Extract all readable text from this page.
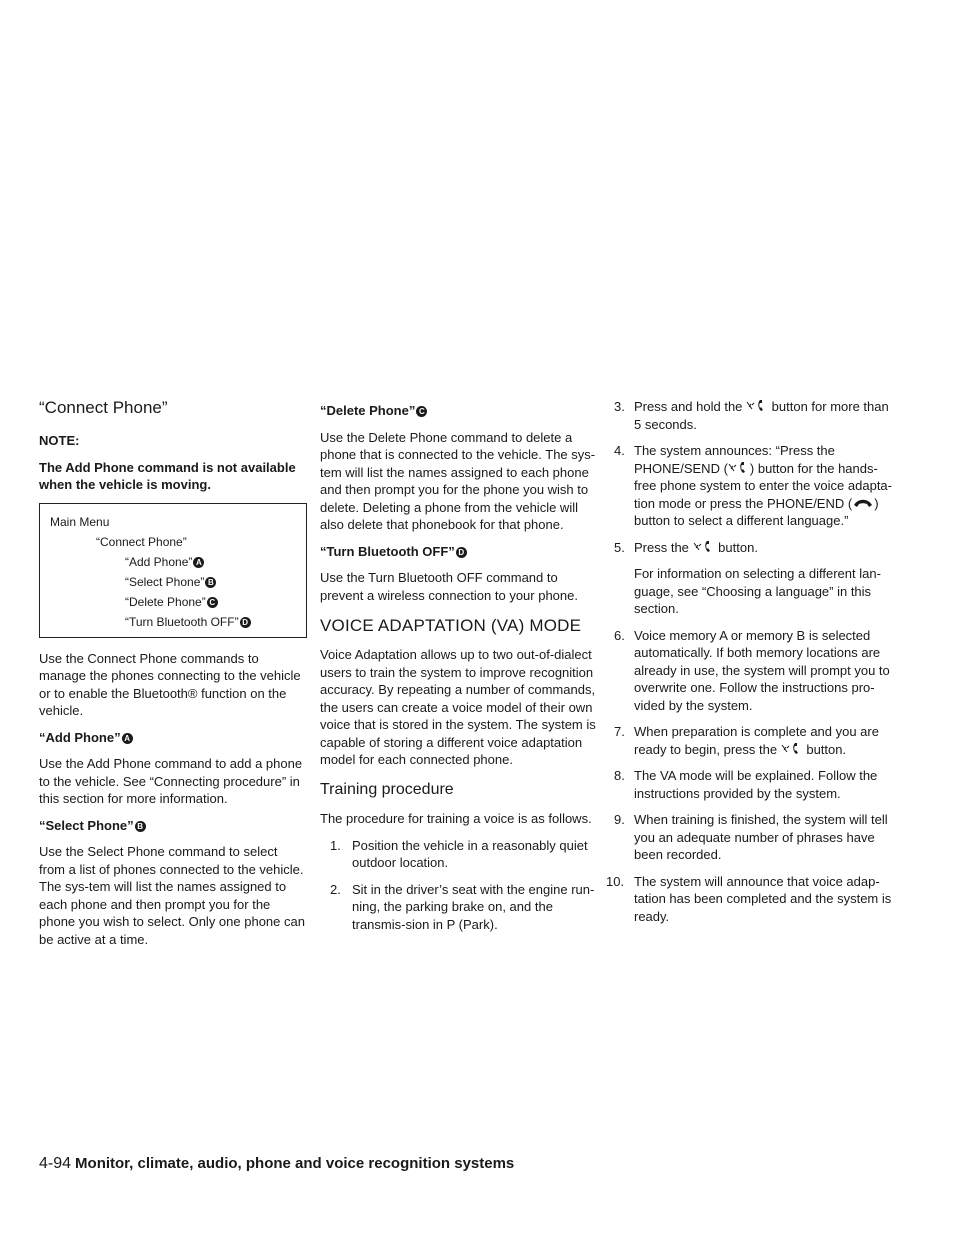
“Connect Phone”

NOTE:

The Add Phone command is not available when the vehicle is moving.

Main Menu
“Connect Phone”
“Add Phone” A
“Select Phone” B
“Delete Phone” C
“Turn Bluetooth OFF” D

Use the Connect Phone commands to manage the phones connecting to the vehicle or to enable the Bluetooth® function on the vehicle.

“Add Phone” A

Use the Add Phone command to add a phone to the vehicle. See “Connecting procedure” in this section for more information.

“Select Phone” B

Use the Select Phone command to select from a list of phones connected to the vehicle. The sys-tem will list the names assigned to each phone and then prompt you for the phone you wish to select. Only one phone can be active at a time.

“Delete Phone” C

Use the Delete Phone command to delete a phone that is connected to the vehicle. The sys-tem will list the names assigned to each phone and then prompt you for the phone you wish to delete. Deleting a phone from the vehicle will also delete that phonebook for that phone.

“Turn Bluetooth OFF” D

Use the Turn Bluetooth OFF command to prevent a wireless connection to your phone.

VOICE ADAPTATION (VA) MODE

Voice Adaptation allows up to two out-of-dialect users to train the system to improve recognition accuracy. By repeating a number of commands, the users can create a voice model of their own voice that is stored in the system. The system is capable of storing a different voice adaptation model for each connected phone.

Training procedure

The procedure for training a voice is as follows.

1. Position the vehicle in a reasonably quiet outdoor location.
2. Sit in the driver’s seat with the engine run-ning, the parking brake on, and the transmis-sion in P (Park).
3. Press and hold the button for more than 5 seconds.
4. The system announces: “Press the PHONE/SEND ( ) button for the hands-free phone system to enter the voice adapta-tion mode or press the PHONE/END ( ) button to select a different language.”
5. Press the button.

For information on selecting a different lan-guage, see “Choosing a language” in this section.

6. Voice memory A or memory B is selected automatically. If both memory locations are already in use, the system will prompt you to overwrite one. Follow the instructions pro-vided by the system.
7. When preparation is complete and you are ready to begin, press the button.
8. The VA mode will be explained. Follow the instructions provided by the system.
9. When training is finished, the system will tell you an adequate number of phrases have been recorded.
10. The system will announce that voice adap-tation has been completed and the system is ready.
4-94 Monitor, climate, audio, phone and voice recognition systems
